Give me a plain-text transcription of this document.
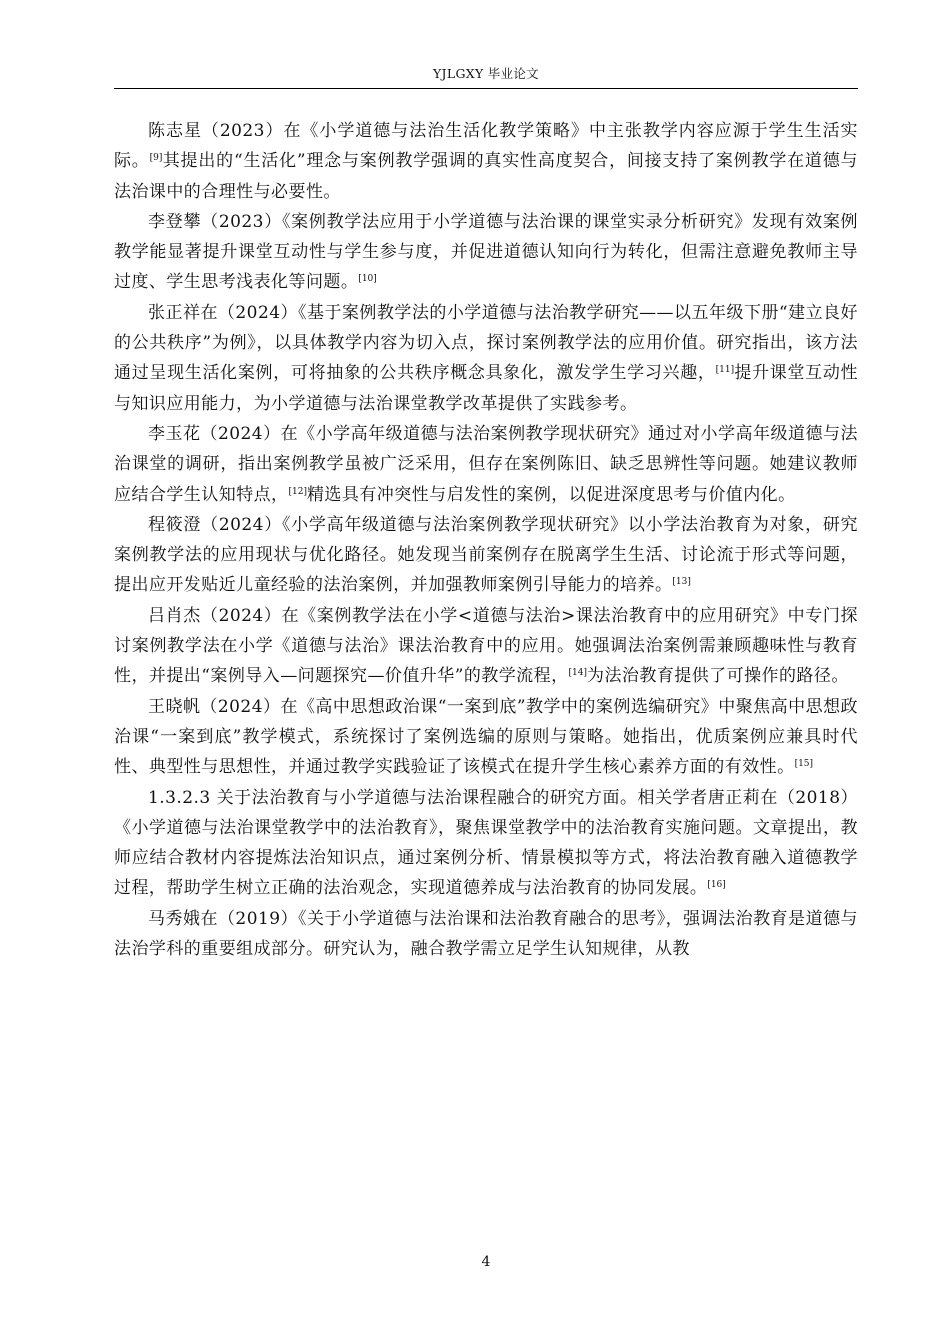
YJLGXY 毕业论文

陈志星（2023）在《小学道德与法治生活化教学策略》中主张教学内容应源于学生生活实际。[9]其提出的“生活化”理念与案例教学强调的真实性高度契合，间接支持了案例教学在道德与法治课中的合理性与必要性。

李登攀（2023）《案例教学法应用于小学道德与法治课的课堂实录分析研究》发现有效案例教学能显著提升课堂互动性与学生参与度，并促进道德认知向行为转化，但需注意避免教师主导过度、学生思考浅表化等问题。[10]

张正祥在（2024）《基于案例教学法的小学道德与法治教学研究——以五年级下册“建立良好的公共秩序”为例》，以具体教学内容为切入点，探讨案例教学法的应用价值。研究指出，该方法通过呈现生活化案例，可将抽象的公共秩序概念具象化，激发学生学习兴趣，[11]提升课堂互动性与知识应用能力，为小学道德与法治课堂教学改革提供了实践参考。

李玉花（2024）在《小学高年级道德与法治案例教学现状研究》通过对小学高年级道德与法治课堂的调研，指出案例教学虽被广泛采用，但存在案例陈旧、缺乏思辨性等问题。她建议教师应结合学生认知特点，[12]精选具有冲突性与启发性的案例，以促进深度思考与价值内化。

程筱澄（2024）《小学高年级道德与法治案例教学现状研究》以小学法治教育为对象，研究案例教学法的应用现状与优化路径。她发现当前案例存在脱离学生生活、讨论流于形式等问题，提出应开发贴近儿童经验的法治案例，并加强教师案例引导能力的培养。[13]

吕肖杰（2024）在《案例教学法在小学<道德与法治>课法治教育中的应用研究》中专门探讨案例教学法在小学《道德与法治》课法治教育中的应用。她强调法治案例需兼顾趣味性与教育性，并提出“案例导入—问题探究—价值升华”的教学流程，[14]为法治教育提供了可操作的路径。

王晓帆（2024）在《高中思想政治课“一案到底”教学中的案例选编研究》中聚焦高中思想政治课“一案到底”教学模式，系统探讨了案例选编的原则与策略。她指出，优质案例应兼具时代性、典型性与思想性，并通过教学实践验证了该模式在提升学生核心素养方面的有效性。[15]

1.3.2.3 关于法治教育与小学道德与法治课程融合的研究方面。相关学者唐正莉在（2018）《小学道德与法治课堂教学中的法治教育》，聚焦课堂教学中的法治教育实施问题。文章提出，教师应结合教材内容提炼法治知识点，通过案例分析、情景模拟等方式，将法治教育融入道德教学过程，帮助学生树立正确的法治观念，实现道德养成与法治教育的协同发展。[16]

马秀娥在（2019）《关于小学道德与法治课和法治教育融合的思考》，强调法治教育是道德与法治学科的重要组成部分。研究认为，融合教学需立足学生认知规律，从教

4
